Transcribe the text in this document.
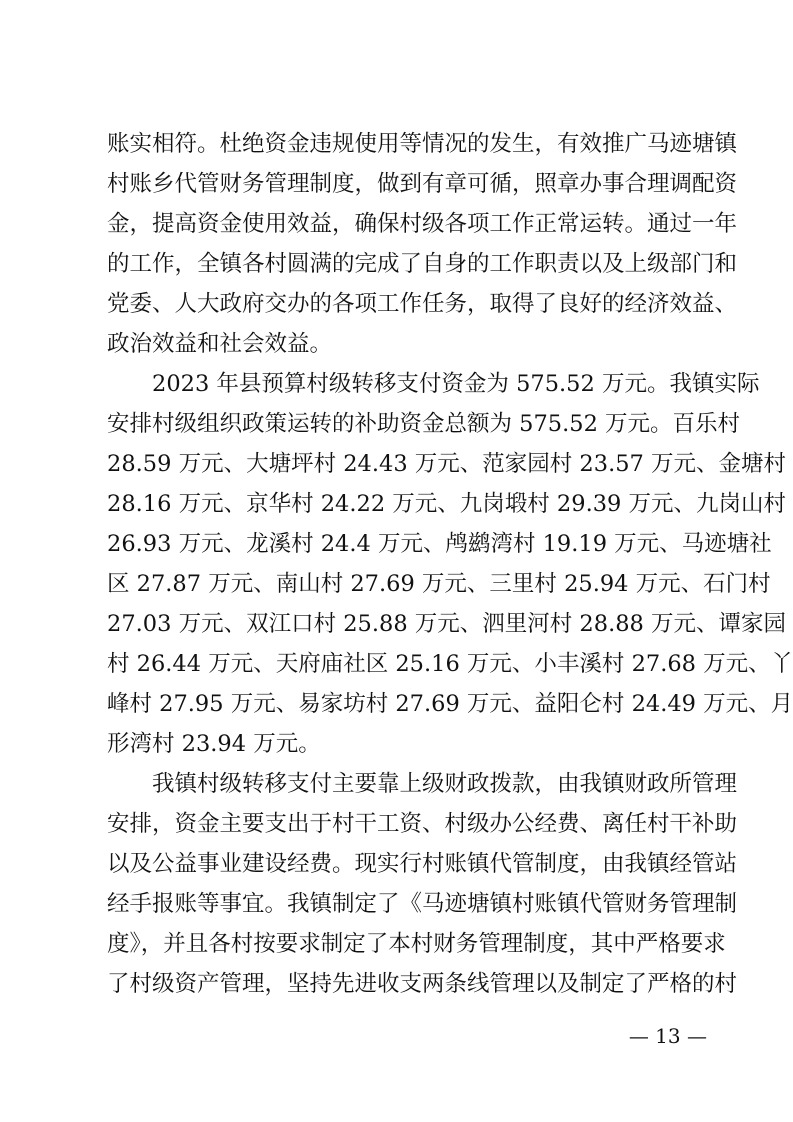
账实相符。杜绝资金违规使用等情况的发生，有效推广马迹塘镇
村账乡代管财务管理制度，做到有章可循，照章办事合理调配资
金，提高资金使用效益，确保村级各项工作正常运转。通过一年
的工作，全镇各村圆满的完成了自身的工作职责以及上级部门和
党委、人大政府交办的各项工作任务，取得了良好的经济效益、
政治效益和社会效益。
　　2023 年县预算村级转移支付资金为 575.52 万元。我镇实际
安排村级组织政策运转的补助资金总额为 575.52 万元。百乐村
28.59 万元、大塘坪村 24.43 万元、范家园村 23.57 万元、金塘村
28.16 万元、京华村 24.22 万元、九岗塅村 29.39 万元、九岗山村
26.93 万元、龙溪村 24.4 万元、鸬鹚湾村 19.19 万元、马迹塘社
区 27.87 万元、南山村 27.69 万元、三里村 25.94 万元、石门村
27.03 万元、双江口村 25.88 万元、泗里河村 28.88 万元、谭家园
村 26.44 万元、天府庙社区 25.16 万元、小丰溪村 27.68 万元、丫
峰村 27.95 万元、易家坊村 27.69 万元、益阳仑村 24.49 万元、月
形湾村 23.94 万元。
　　我镇村级转移支付主要靠上级财政拨款，由我镇财政所管理
安排，资金主要支出于村干工资、村级办公经费、离任村干补助
以及公益事业建设经费。现实行村账镇代管制度，由我镇经管站
经手报账等事宜。我镇制定了《马迹塘镇村账镇代管财务管理制
度》，并且各村按要求制定了本村财务管理制度，其中严格要求
了村级资产管理，坚持先进收支两条线管理以及制定了严格的村
— 13 —
